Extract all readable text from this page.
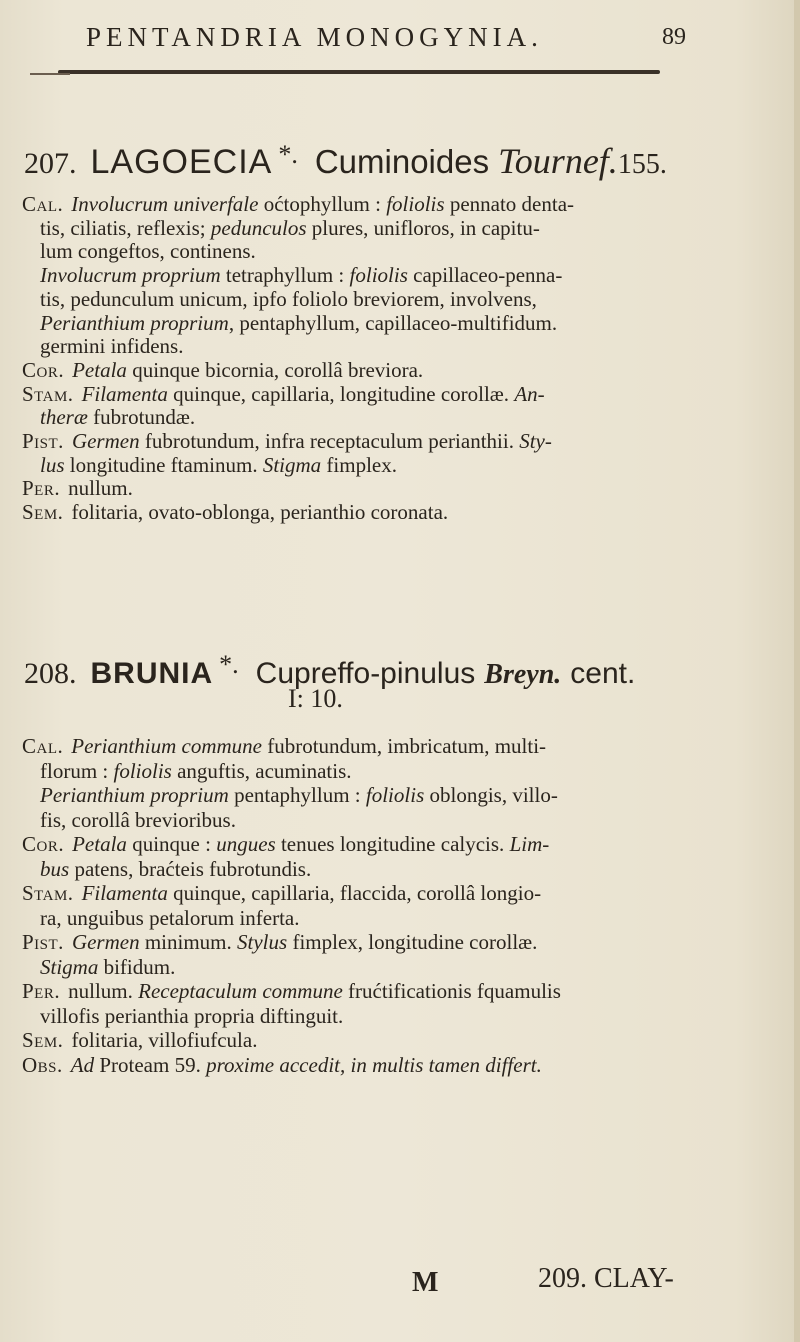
PENTANDRIA MONOGYNIA.	89
207. LAGOECIA *. Cuminoides Tournef.155.
Cal. Involucrum univerfale oćtophyllum : foliolis pennato denta-
tis, ciliatis, reflexis; pedunculos plures, unifloros, in capitu-
lum congeftos, continens.
Involucrum proprium tetraphyllum : foliolis capillaceo-penna-
tis, pedunculum unicum, ipfo foliolo breviorem, involvens,
Perianthium proprium, pentaphyllum, capillaceo-multifidum.
germini infidens.
Cor. Petala quinque bicornia, corollâ breviora.
Stam. Filamenta quinque, capillaria, longitudine corollæ. An-
theræ fubrotundæ.
Pist. Germen fubrotundum, infra receptaculum perianthii. Sty-
lus longitudine ftaminum. Stigma fimplex.
Per. nullum.
Sem. folitaria, ovato-oblonga, perianthio coronata.
208. BRUNIA *. Cupreffo-pinulus Breyn. cent.
I: 10.
Cal. Perianthium commune fubrotundum, imbricatum, multi-
florum : foliolis anguftis, acuminatis.
Perianthium proprium pentaphyllum : foliolis oblongis, villo-
fis, corollâ brevioribus.
Cor. Petala quinque : ungues tenues longitudine calycis. Lim-
bus patens, braćteis fubrotundis.
Stam. Filamenta quinque, capillaria, flaccida, corollâ longio-
ra, unguibus petalorum inferta.
Pist. Germen minimum. Stylus fimplex, longitudine corollæ.
Stigma bifidum.
Per. nullum. Receptaculum commune frućtificationis fquamulis
villofis perianthia propria diftinguit.
Sem. folitaria, villofiufcula.
Obs. Ad Proteam 59. proxime accedit, in multis tamen differt.
M	209. CLAY-
